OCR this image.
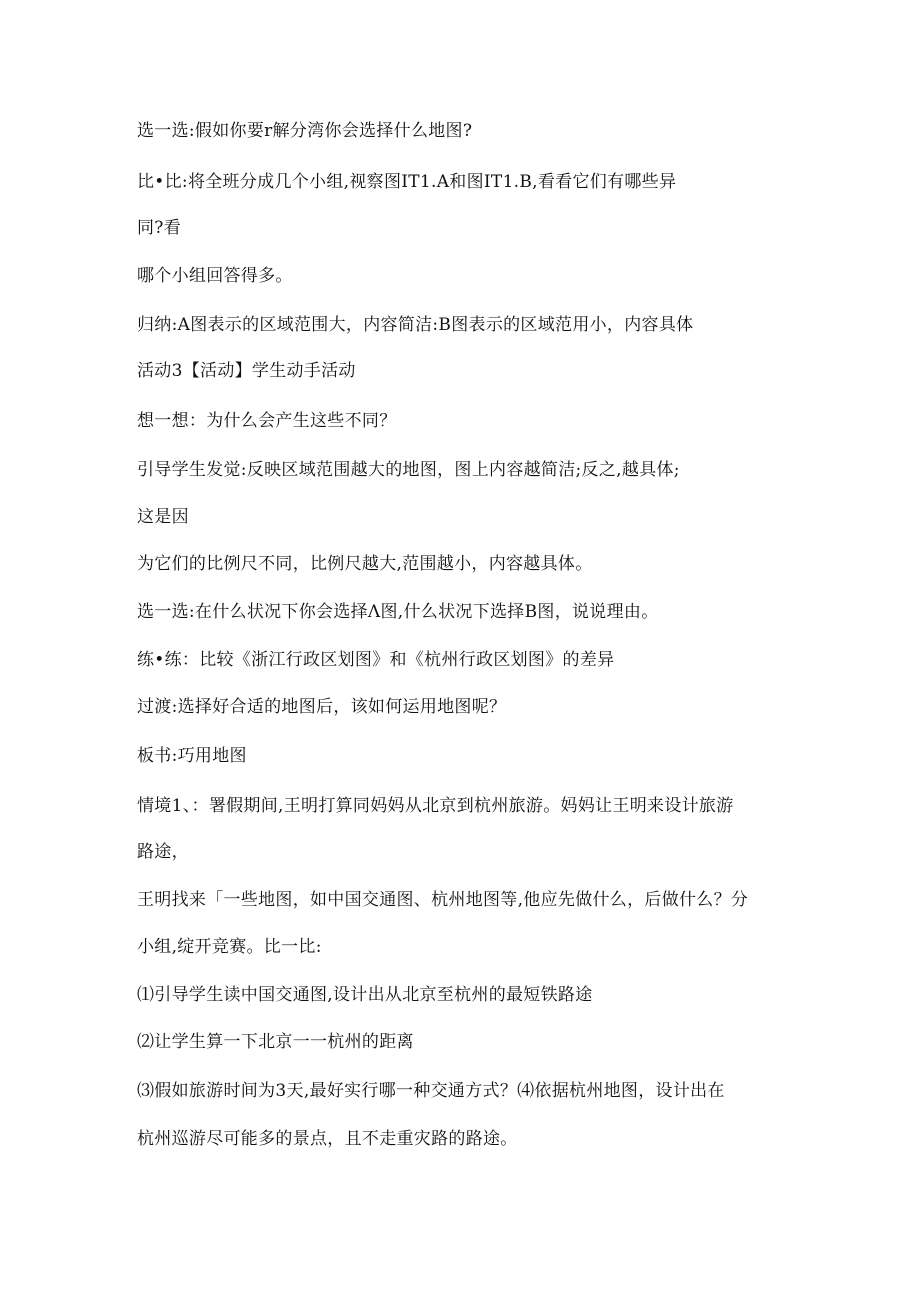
选一选:假如你要r解分湾你会选择什么地图?
比•比:将全班分成几个小组,视察图IT1.A和图IT1.B,看看它们有哪些异
同?看
哪个小组回答得多。
归纳:A图表示的区域范围大，内容简洁:B图表示的区域范用小，内容具体
活动3【活动】学生动手活动
想一想：为什么会产生这些不同？
引导学生发觉:反映区域范围越大的地图，图上内容越简洁;反之,越具体;
这是因
为它们的比例尺不同，比例尺越大,范围越小，内容越具体。
选一选:在什么状况下你会选择Λ图,什么状况下选择B图，说说理由。
练•练：比较《浙江行政区划图》和《杭州行政区划图》的差异
过渡:选择好合适的地图后，该如何运用地图呢？
板书:巧用地图
情境1、：署假期间,王明打算同妈妈从北京到杭州旅游。妈妈让王明来设计旅游
路途，
王明找来「一些地图，如中国交通图、杭州地图等,他应先做什么，后做什么？分
小组,绽开竞赛。比一比:
⑴引导学生读中国交通图,设计出从北京至杭州的最短铁路途
⑵让学生算一下北京一一杭州的距离
⑶假如旅游时间为3天,最好实行哪一种交通方式？⑷依据杭州地图，设计出在
杭州巡游尽可能多的景点，且不走重灾路的路途。
